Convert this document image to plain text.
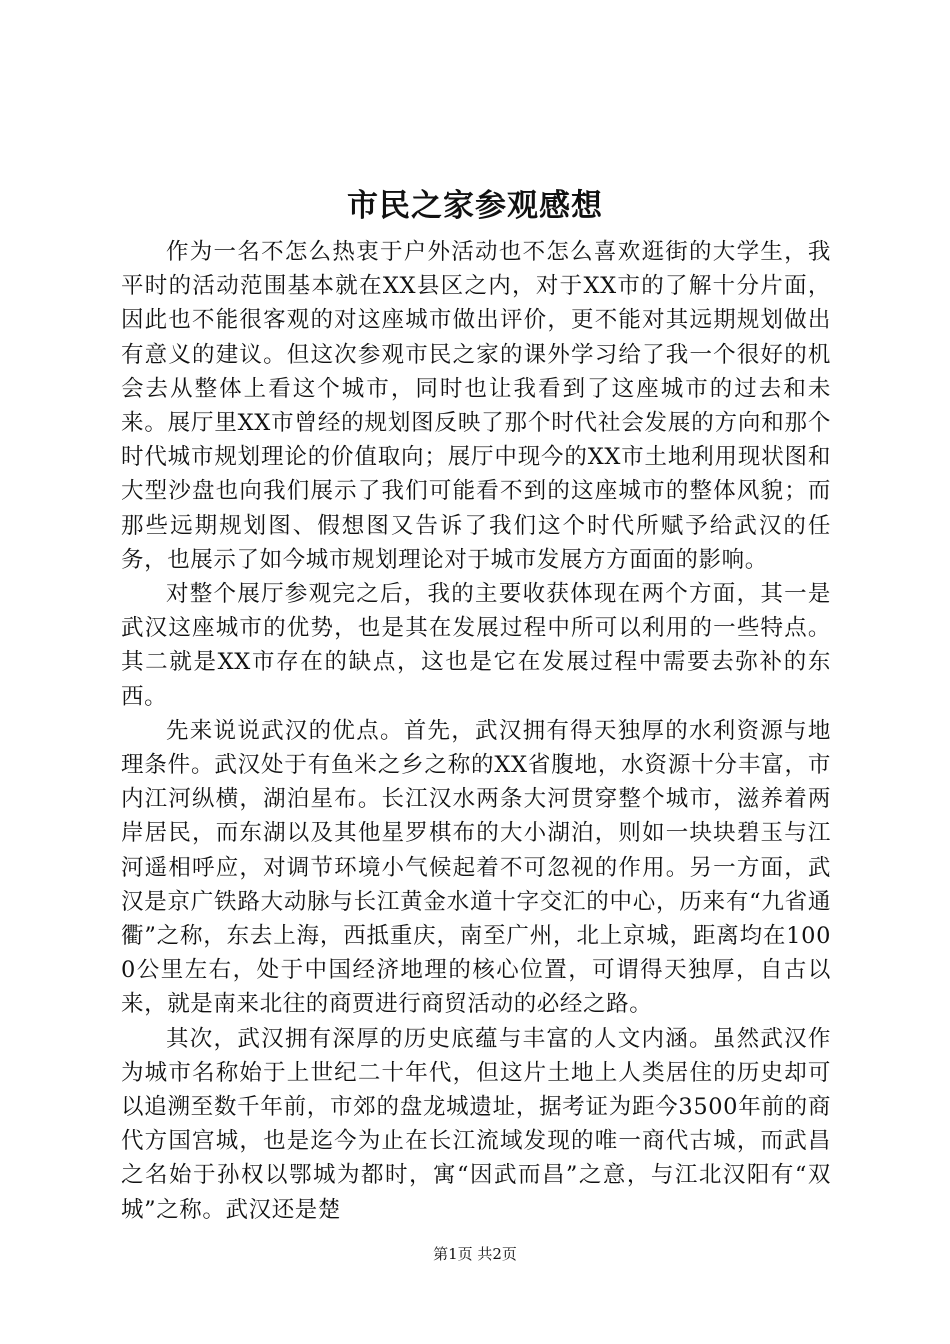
市民之家参观感想

作为一名不怎么热衷于户外活动也不怎么喜欢逛街的大学生，我平时的活动范围基本就在XX县区之内，对于XX市的了解十分片面，因此也不能很客观的对这座城市做出评价，更不能对其远期规划做出有意义的建议。但这次参观市民之家的课外学习给了我一个很好的机会去从整体上看这个城市，同时也让我看到了这座城市的过去和未来。展厅里XX市曾经的规划图反映了那个时代社会发展的方向和那个时代城市规划理论的价值取向；展厅中现今的XX市土地利用现状图和大型沙盘也向我们展示了我们可能看不到的这座城市的整体风貌；而那些远期规划图、假想图又告诉了我们这个时代所赋予给武汉的任务，也展示了如今城市规划理论对于城市发展方方面面的影响。

对整个展厅参观完之后，我的主要收获体现在两个方面，其一是武汉这座城市的优势，也是其在发展过程中所可以利用的一些特点。其二就是XX市存在的缺点，这也是它在发展过程中需要去弥补的东西。

先来说说武汉的优点。首先，武汉拥有得天独厚的水利资源与地理条件。武汉处于有鱼米之乡之称的XX省腹地，水资源十分丰富，市内江河纵横，湖泊星布。长江汉水两条大河贯穿整个城市，滋养着两岸居民，而东湖以及其他星罗棋布的大小湖泊，则如一块块碧玉与江河遥相呼应，对调节环境小气候起着不可忽视的作用。另一方面，武汉是京广铁路大动脉与长江黄金水道十字交汇的中心，历来有“九省通衢”之称，东去上海，西抵重庆，南至广州，北上京城，距离均在1000公里左右，处于中国经济地理的核心位置，可谓得天独厚，自古以来，就是南来北往的商贾进行商贸活动的必经之路。

其次，武汉拥有深厚的历史底蕴与丰富的人文内涵。虽然武汉作为城市名称始于上世纪二十年代，但这片土地上人类居住的历史却可以追溯至数千年前，市郊的盘龙城遗址，据考证为距今3500年前的商代方国宫城，也是迄今为止在长江流域发现的唯一商代古城，而武昌之名始于孙权以鄂城为都时，寓“因武而昌”之意，与江北汉阳有“双城”之称。武汉还是楚

第1页 共2页
